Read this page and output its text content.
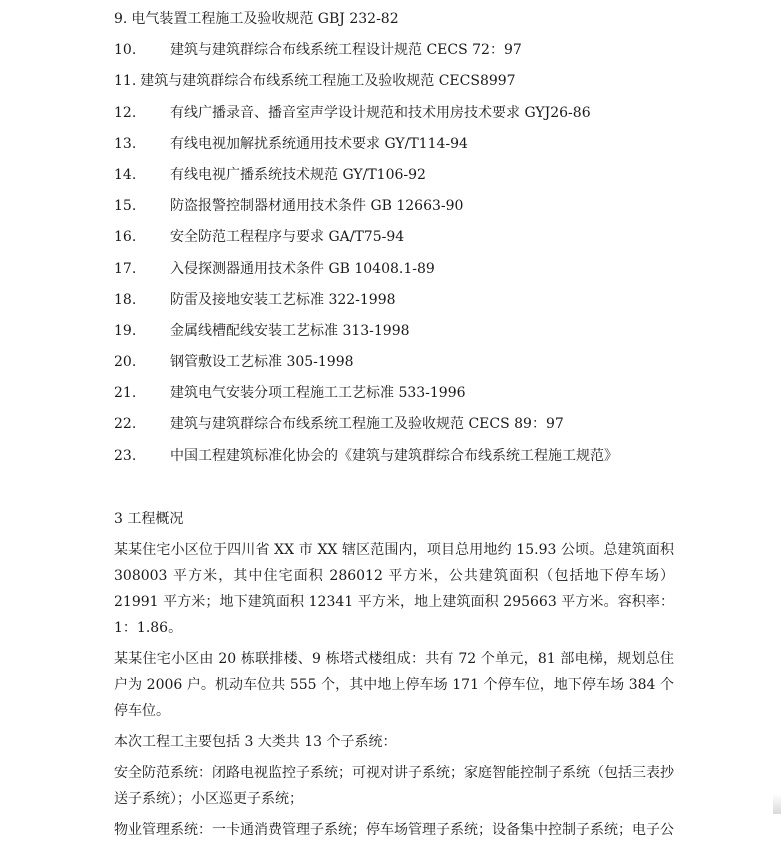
9. 电气装置工程施工及验收规范 GBJ 232-82
10.	建筑与建筑群综合布线系统工程设计规范 CECS 72：97
11. 建筑与建筑群综合布线系统工程施工及验收规范 CECS8997
12.	有线广播录音、播音室声学设计规范和技术用房技术要求 GYJ26-86
13.	有线电视加解扰系统通用技术要求 GY/T114-94
14.	有线电视广播系统技术规范 GY/T106-92
15.	防盗报警控制器材通用技术条件 GB 12663-90
16.	安全防范工程程序与要求 GA/T75-94
17.	入侵探测器通用技术条件 GB 10408.1-89
18.	防雷及接地安装工艺标准 322-1998
19.	金属线槽配线安装工艺标准 313-1998
20.	钢管敷设工艺标准 305-1998
21.	建筑电气安装分项工程施工工艺标准 533-1996
22.	建筑与建筑群综合布线系统工程施工及验收规范 CECS 89：97
23.	中国工程建筑标准化协会的《建筑与建筑群综合布线系统工程施工规范》
3 工程概况

某某住宅小区位于四川省 XX 市 XX 辖区范围内，项目总用地约 15.93 公顷。总建筑面积 308003 平方米，其中住宅面积 286012 平方米，公共建筑面积（包括地下停车场）21991 平方米；地下建筑面积 12341 平方米，地上建筑面积 295663 平方米。容积率：1：1.86。

某某住宅小区由 20 栋联排楼、9 栋塔式楼组成：共有 72 个单元，81 部电梯，规划总住户为 2006 户。机动车位共 555 个，其中地上停车场 171 个停车位，地下停车场 384 个停车位。

本次工程工主要包括 3 大类共 13 个子系统：

安全防范系统：闭路电视监控子系统；可视对讲子系统；家庭智能控制子系统（包括三表抄送子系统）；小区巡更子系统；

物业管理系统：一卡通消费管理子系统；停车场管理子系统；设备集中控制子系统；电子公
